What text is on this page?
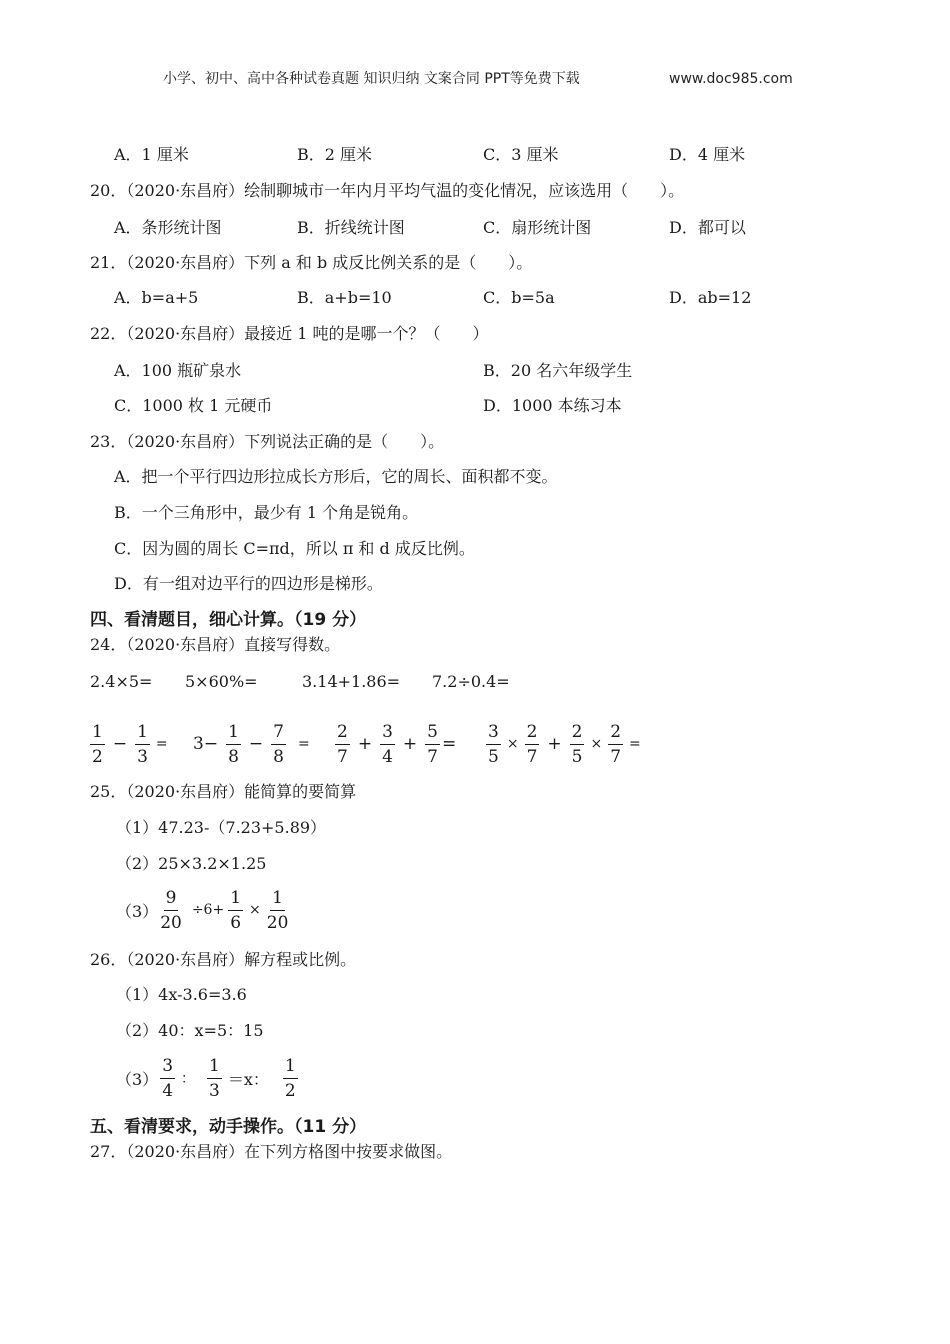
小学、初中、高中各种试卷真题 知识归纳 文案合同 PPT等免费下载	www.doc985.com
A．1 厘米	B．2 厘米	C．3 厘米	D．4 厘米
20．（2020·东昌府）绘制聊城市一年内月平均气温的变化情况，应该选用（　　）。
A．条形统计图	B．折线统计图	C．扇形统计图	D．都可以
21．（2020·东昌府）下列 a 和 b 成反比例关系的是（　　）。
A．b=a+5	B．a+b=10	C．b=5a	D．ab=12
22．（2020·东昌府）最接近 1 吨的是哪一个？（　　）
A．100 瓶矿泉水	B．20 名六年级学生
C．1000 枚 1 元硬币	D．1000 本练习本
23．（2020·东昌府）下列说法正确的是（　　）。
A．把一个平行四边形拉成长方形后，它的周长、面积都不变。
B．一个三角形中，最少有 1 个角是锐角。
C．因为圆的周长 C=πd，所以 π 和 d 成反比例。
D．有一组对边平行的四边形是梯形。
四、看清题目，细心计算。（19 分）
24．（2020·东昌府）直接写得数。
2.4×5= 5×60%=	3.14+1.86= 7.2÷0.4=
$\frac{1}{2} - \frac{1}{3} = 3- \frac{1}{8} - \frac{7}{8} = \frac{2}{7} + \frac{3}{4} + \frac{5}{7} = \frac{3}{5} \times \frac{2}{7} + \frac{2}{5} \times \frac{2}{7}$ =
25．（2020·东昌府）能简算的要简算
（1）47.23-（7.23+5.89）
（2）25×3.2×1.25
$(3) \frac{9}{20} \div 6+ \frac{1}{6} \times \frac{1}{20}$
26．（2020·东昌府）解方程或比例。
（1）4x-3.6=3.6
（2）40：x=5：15
$(3) \frac{3}{4}$ ： $\frac{1}{3} =x$： $\frac{1}{2}$
五、看清要求，动手操作。（11 分）
27．（2020·东昌府）在下列方格图中按要求做图。
